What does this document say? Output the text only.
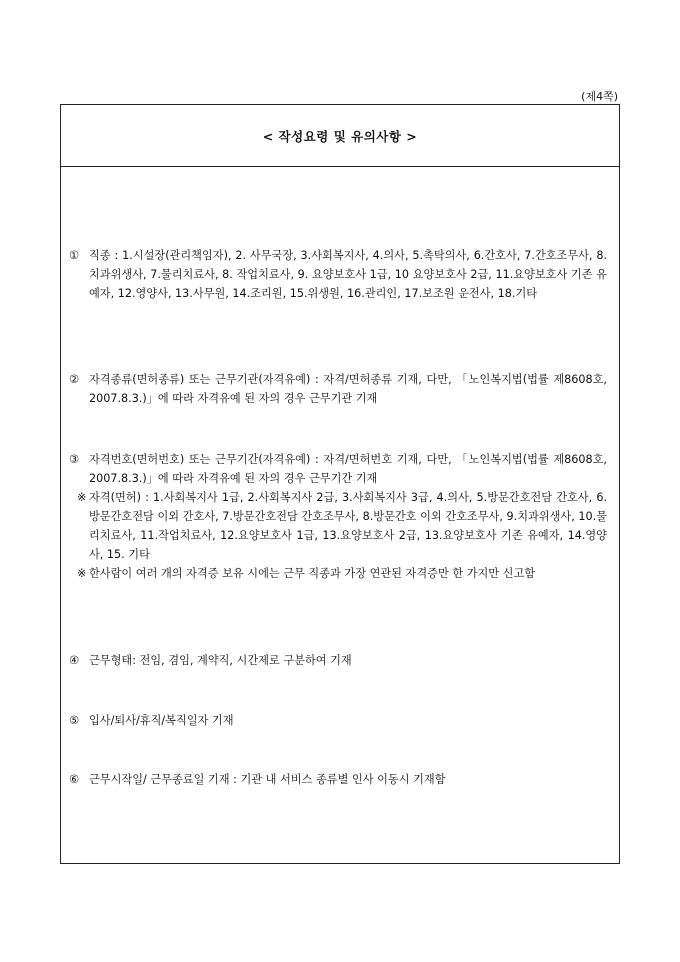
(제4쪽)
< 작성요령 및 유의사항 >
① 직종 : 1.시설장(관리책임자), 2. 사무국장, 3.사회복지사, 4.의사, 5.촉탁의사, 6.간호사, 7.간호조무사, 8.치과위생사, 7.물리치료사, 8. 작업치료사, 9. 요양보호사 1급, 10 요양보호사 2급, 11.요양보호사 기존 유예자, 12.영양사, 13.사무원, 14.조리원, 15.위생원, 16.관리인, 17.보조원 운전사, 18.기타
② 자격종류(면허종류) 또는 근무기관(자격유예) : 자격/면허종류 기재, 다만, 「노인복지법(법률 제8608호, 2007.8.3.)」에 따라 자격유예 된 자의 경우 근무기관 기재
③ 자격번호(면허번호) 또는 근무기간(자격유예) : 자격/면허번호 기재, 다만, 「노인복지법(법률 제8608호, 2007.8.3.)」에 따라 자격유예 된 자의 경우 근무기간 기재
※ 자격(면허) : 1.사회복지사 1급, 2.사회복지사 2급, 3.사회복지사 3급, 4.의사, 5.방문간호전담 간호사, 6.방문간호전담 이외 간호사, 7.방문간호전담 간호조무사, 8.방문간호 이외 간호조무사, 9.치과위생사, 10.물리치료사, 11.작업치료사, 12.요양보호사 1급, 13.요양보호사 2급, 13.요양보호사 기존 유예자, 14.영양사, 15. 기타
※ 한사람이 여러 개의 자격증 보유 시에는 근무 직종과 가장 연관된 자격증만 한 가지만 신고함
④ 근무형태: 전임, 겸임, 계약직, 시간제로 구분하여 기재
⑤ 입사/퇴사/휴직/복직일자 기재
⑥ 근무시작일/ 근무종료일 기재 : 기관 내 서비스 종류별 인사 이동시 기재함
